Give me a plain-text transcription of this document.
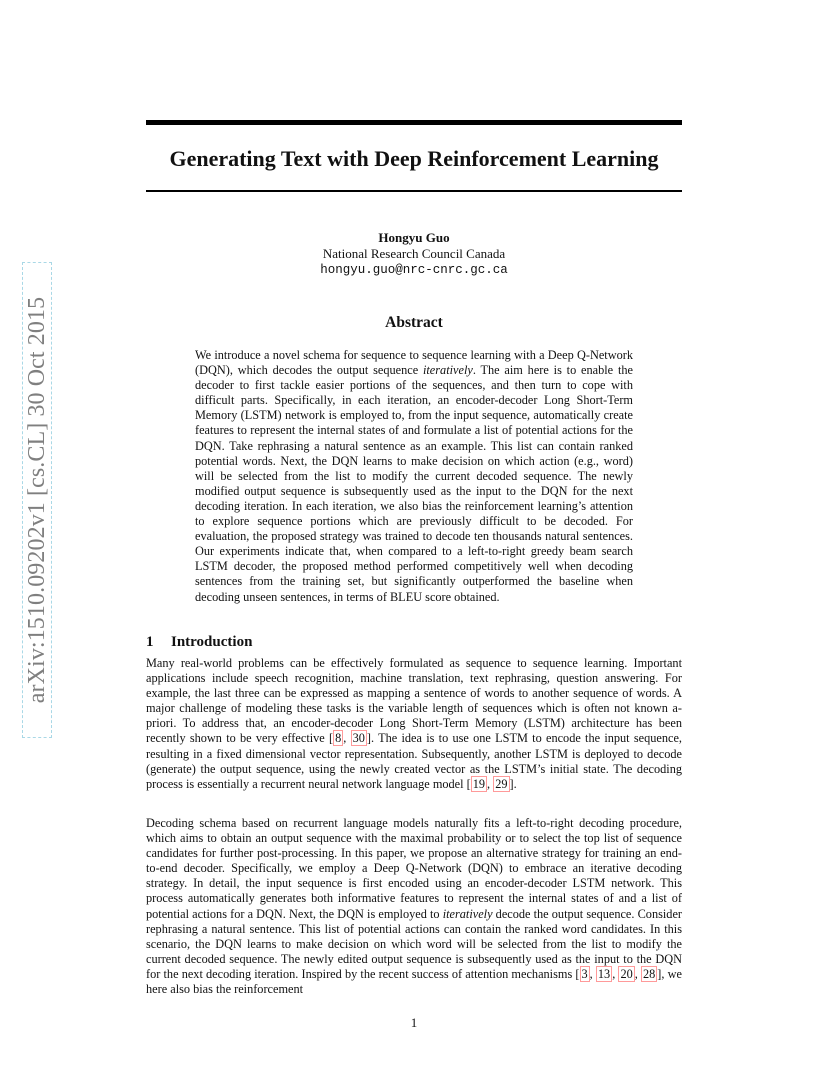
arXiv:1510.09202v1 [cs.CL] 30 Oct 2015
Generating Text with Deep Reinforcement Learning
Hongyu Guo
National Research Council Canada
hongyu.guo@nrc-cnrc.gc.ca
Abstract
We introduce a novel schema for sequence to sequence learning with a Deep Q-Network (DQN), which decodes the output sequence iteratively. The aim here is to enable the decoder to first tackle easier portions of the sequences, and then turn to cope with difficult parts. Specifically, in each iteration, an encoder-decoder Long Short-Term Memory (LSTM) network is employed to, from the input sequence, automatically create features to represent the internal states of and formulate a list of potential actions for the DQN. Take rephrasing a natural sentence as an example. This list can contain ranked potential words. Next, the DQN learns to make decision on which action (e.g., word) will be selected from the list to modify the current decoded sequence. The newly modified output sequence is subsequently used as the input to the DQN for the next decoding iteration. In each iteration, we also bias the reinforcement learning’s attention to explore sequence portions which are previously difficult to be decoded. For evaluation, the proposed strategy was trained to decode ten thousands natural sentences. Our experiments indicate that, when compared to a left-to-right greedy beam search LSTM decoder, the proposed method performed competitively well when decoding sentences from the training set, but significantly outperformed the baseline when decoding unseen sentences, in terms of BLEU score obtained.
1 Introduction

Many real-world problems can be effectively formulated as sequence to sequence learning. Important applications include speech recognition, machine translation, text rephrasing, question answering. For example, the last three can be expressed as mapping a sentence of words to another sequence of words. A major challenge of modeling these tasks is the variable length of sequences which is often not known a-priori. To address that, an encoder-decoder Long Short-Term Memory (LSTM) architecture has been recently shown to be very effective [ 8 , 30 ]. The idea is to use one LSTM to encode the input sequence, resulting in a fixed dimensional vector representation. Subsequently, another LSTM is deployed to decode (generate) the output sequence, using the newly created vector as the LSTM’s initial state. The decoding process is essentially a recurrent neural network language model [ 19 , 29 ].

Decoding schema based on recurrent language models naturally fits a left-to-right decoding procedure, which aims to obtain an output sequence with the maximal probability or to select the top list of sequence candidates for further post-processing. In this paper, we propose an alternative strategy for training an end-to-end decoder. Specifically, we employ a Deep Q-Network (DQN) to embrace an iterative decoding strategy. In detail, the input sequence is first encoded using an encoder-decoder LSTM network. This process automatically generates both informative features to represent the internal states of and a list of potential actions for a DQN. Next, the DQN is employed to iteratively decode the output sequence. Consider rephrasing a natural sentence. This list of potential actions can contain the ranked word candidates. In this scenario, the DQN learns to make decision on which word will be selected from the list to modify the current decoded sequence. The newly edited output sequence is subsequently used as the input to the DQN for the next decoding iteration. Inspired by the recent success of attention mechanisms [ 3 , 13 , 20 , 28 ], we here also bias the reinforcement

1
